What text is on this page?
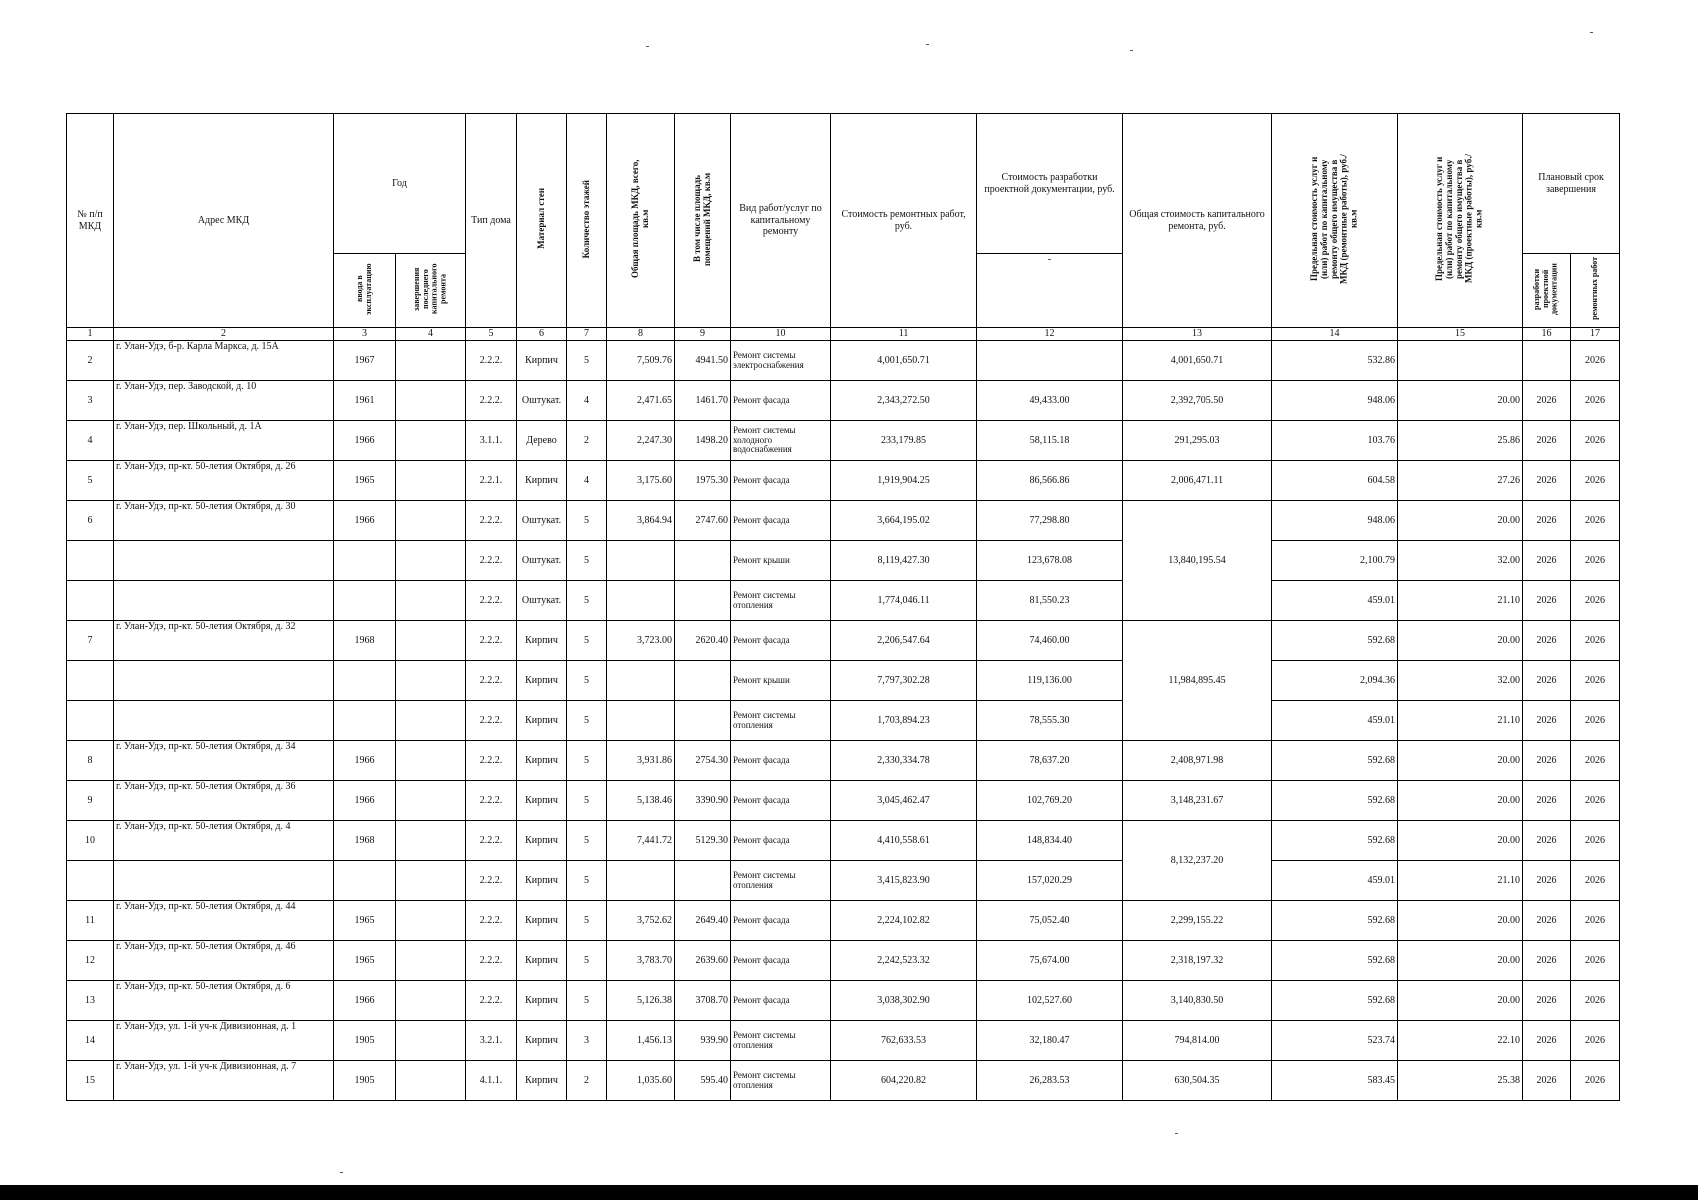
№ п/п МКД	Адрес МКД	Год		Тип дома	Материал стен	Количество этажей	Общая площадь МКД, всего, кв.м	В том числе площадь помещений МКД, кв.м	Вид работ/услуг по капитальному ремонту	Стоимость ремонтных работ, руб.	Стоимость разработки проектной документации, руб.	Общая стоимость капитального ремонта, руб.	Предельная стоимость услуг и (или) работ по капитальному ремонту общего имущества в МКД (ремонтные работы), руб./кв.м	Предельная стоимость услуг и (или) работ по капитальному ремонту общего имущества в МКД (проектные работы), руб./кв.м	Плановый срок завершения	
		ввода в эксплуатацию	завершения последнего капитального ремонта								-				разработки проектной документации	ремонтных работ
1	2	3	4	5	6	7	8	9	10	11	12	13	14	15	16	17
2	г. Улан-Удэ, б-р. Карла Маркса, д. 15А	1967		2.2.2.	Кирпич	5	7,509.76	4941.50	Ремонт системы электроснабжения	4,001,650.71		4,001,650.71	532.86			2026
3	г. Улан-Удэ, пер. Заводской, д. 10	1961		2.2.2.	Оштукат.	4	2,471.65	1461.70	Ремонт фасада	2,343,272.50	49,433.00	2,392,705.50	948.06	20.00	2026	2026
4	г. Улан-Удэ, пер. Школьный, д. 1А	1966		3.1.1.	Дерево	2	2,247.30	1498.20	Ремонт системы холодного водоснабжения	233,179.85	58,115.18	291,295.03	103.76	25.86	2026	2026
5	г. Улан-Удэ, пр-кт. 50-летия Октября, д. 26	1965		2.2.1.	Кирпич	4	3,175.60	1975.30	Ремонт фасада	1,919,904.25	86,566.86	2,006,471.11	604.58	27.26	2026	2026
6	г. Улан-Удэ, пр-кт. 50-летия Октября, д. 30	1966		2.2.2.	Оштукат.	5	3,864.94	2747.60	Ремонт фасада	3,664,195.02	77,298.80	13,840,195.54	948.06	20.00	2026	2026
				2.2.2.	Оштукат.	5			Ремонт крыши	8,119,427.30	123,678.08		2,100.79	32.00	2026	2026
				2.2.2.	Оштукат.	5			Ремонт системы отопления	1,774,046.11	81,550.23		459.01	21.10	2026	2026
7	г. Улан-Удэ, пр-кт. 50-летия Октября, д. 32	1968		2.2.2.	Кирпич	5	3,723.00	2620.40	Ремонт фасада	2,206,547.64	74,460.00	11,984,895.45	592.68	20.00	2026	2026
				2.2.2.	Кирпич	5			Ремонт крыши	7,797,302.28	119,136.00		2,094.36	32.00	2026	2026
				2.2.2.	Кирпич	5			Ремонт системы отопления	1,703,894.23	78,555.30		459.01	21.10	2026	2026
8	г. Улан-Удэ, пр-кт. 50-летия Октября, д. 34	1966		2.2.2.	Кирпич	5	3,931.86	2754.30	Ремонт фасада	2,330,334.78	78,637.20	2,408,971.98	592.68	20.00	2026	2026
9	г. Улан-Удэ, пр-кт. 50-летия Октября, д. 36	1966		2.2.2.	Кирпич	5	5,138.46	3390.90	Ремонт фасада	3,045,462.47	102,769.20	3,148,231.67	592.68	20.00	2026	2026
10	г. Улан-Удэ, пр-кт. 50-летия Октября, д. 4	1968		2.2.2.	Кирпич	5	7,441.72	5129.30	Ремонт фасада	4,410,558.61	148,834.40	8,132,237.20	592.68	20.00	2026	2026
				2.2.2.	Кирпич	5			Ремонт системы отопления	3,415,823.90	157,020.29		459.01	21.10	2026	2026
11	г. Улан-Удэ, пр-кт. 50-летия Октября, д. 44	1965		2.2.2.	Кирпич	5	3,752.62	2649.40	Ремонт фасада	2,224,102.82	75,052.40	2,299,155.22	592.68	20.00	2026	2026
12	г. Улан-Удэ, пр-кт. 50-летия Октября, д. 46	1965		2.2.2.	Кирпич	5	3,783.70	2639.60	Ремонт фасада	2,242,523.32	75,674.00	2,318,197.32	592.68	20.00	2026	2026
13	г. Улан-Удэ, пр-кт. 50-летия Октября, д. 6	1966		2.2.2.	Кирпич	5	5,126.38	3708.70	Ремонт фасада	3,038,302.90	102,527.60	3,140,830.50	592.68	20.00	2026	2026
14	г. Улан-Удэ, ул. 1-й уч-к Дивизионная, д. 1	1905		3.2.1.	Кирпич	3	1,456.13	939.90	Ремонт системы отопления	762,633.53	32,180.47	794,814.00	523.74	22.10	2026	2026
15	г. Улан-Удэ, ул. 1-й уч-к Дивизионная, д. 7	1905		4.1.1.	Кирпич	2	1,035.60	595.40	Ремонт системы отопления	604,220.82	26,283.53	630,504.35	583.45	25.38	2026	2026
